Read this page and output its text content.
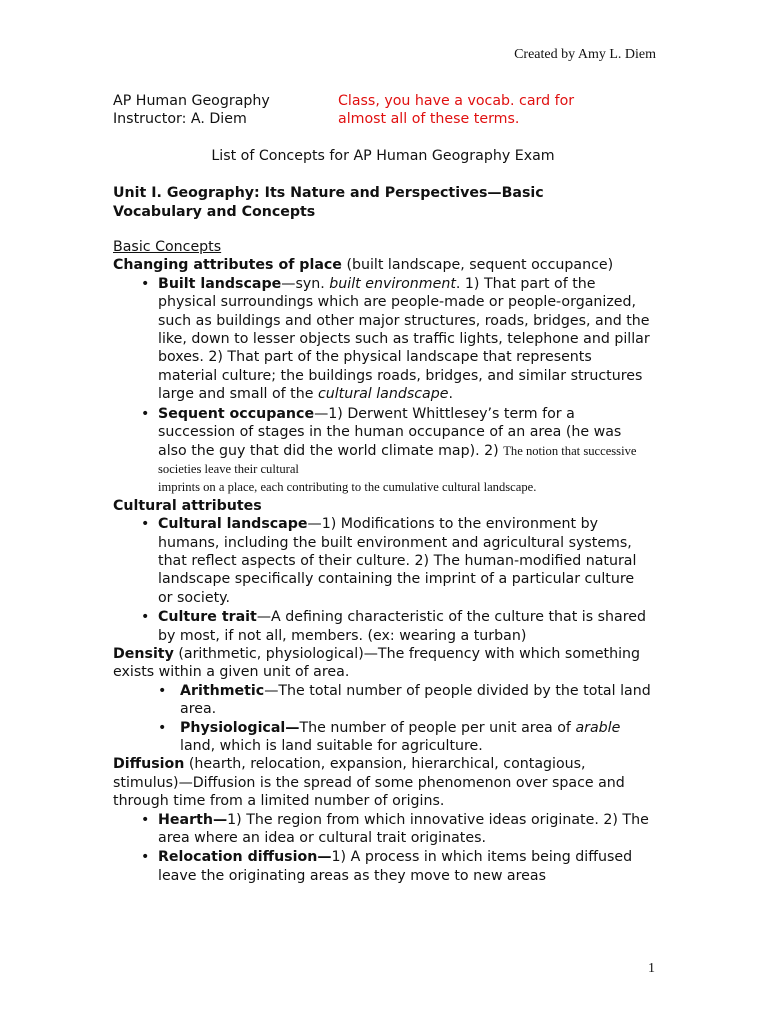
Created by Amy L. Diem
AP Human Geography
Instructor: A. Diem
Class, you have a vocab. card for
almost all of these terms.
List of Concepts for AP Human Geography Exam
Unit I. Geography: Its Nature and Perspectives—Basic
Vocabulary and Concepts
Basic Concepts
Changing attributes of place (built landscape, sequent occupance)
• Built landscape—syn. built environment. 1) That part of the physical surroundings which are people-made or people-organized, such as buildings and other major structures, roads, bridges, and the like, down to lesser objects such as traffic lights, telephone and pillar boxes. 2) That part of the physical landscape that represents material culture; the buildings roads, bridges, and similar structures large and small of the cultural landscape.
• Sequent occupance—1) Derwent Whittlesey’s term for a succession of stages in the human occupance of an area (he was also the guy that did the world climate map). 2) The notion that successive societies leave their cultural
imprints on a place, each contributing to the cumulative cultural landscape.
Cultural attributes
• Cultural landscape—1) Modifications to the environment by humans, including the built environment and agricultural systems, that reflect aspects of their culture. 2) The human-modified natural landscape specifically containing the imprint of a particular culture or society.
• Culture trait—A defining characteristic of the culture that is shared by most, if not all, members. (ex: wearing a turban)
Density (arithmetic, physiological)—The frequency with which something exists within a given unit of area.
• Arithmetic—The total number of people divided by the total land area.
• Physiological—The number of people per unit area of arable land, which is land suitable for agriculture.
Diffusion (hearth, relocation, expansion, hierarchical, contagious, stimulus)—Diffusion is the spread of some phenomenon over space and through time from a limited number of origins.
• Hearth—1) The region from which innovative ideas originate. 2) The area where an idea or cultural trait originates.
• Relocation diffusion—1) A process in which items being diffused leave the originating areas as they move to new areas
1
